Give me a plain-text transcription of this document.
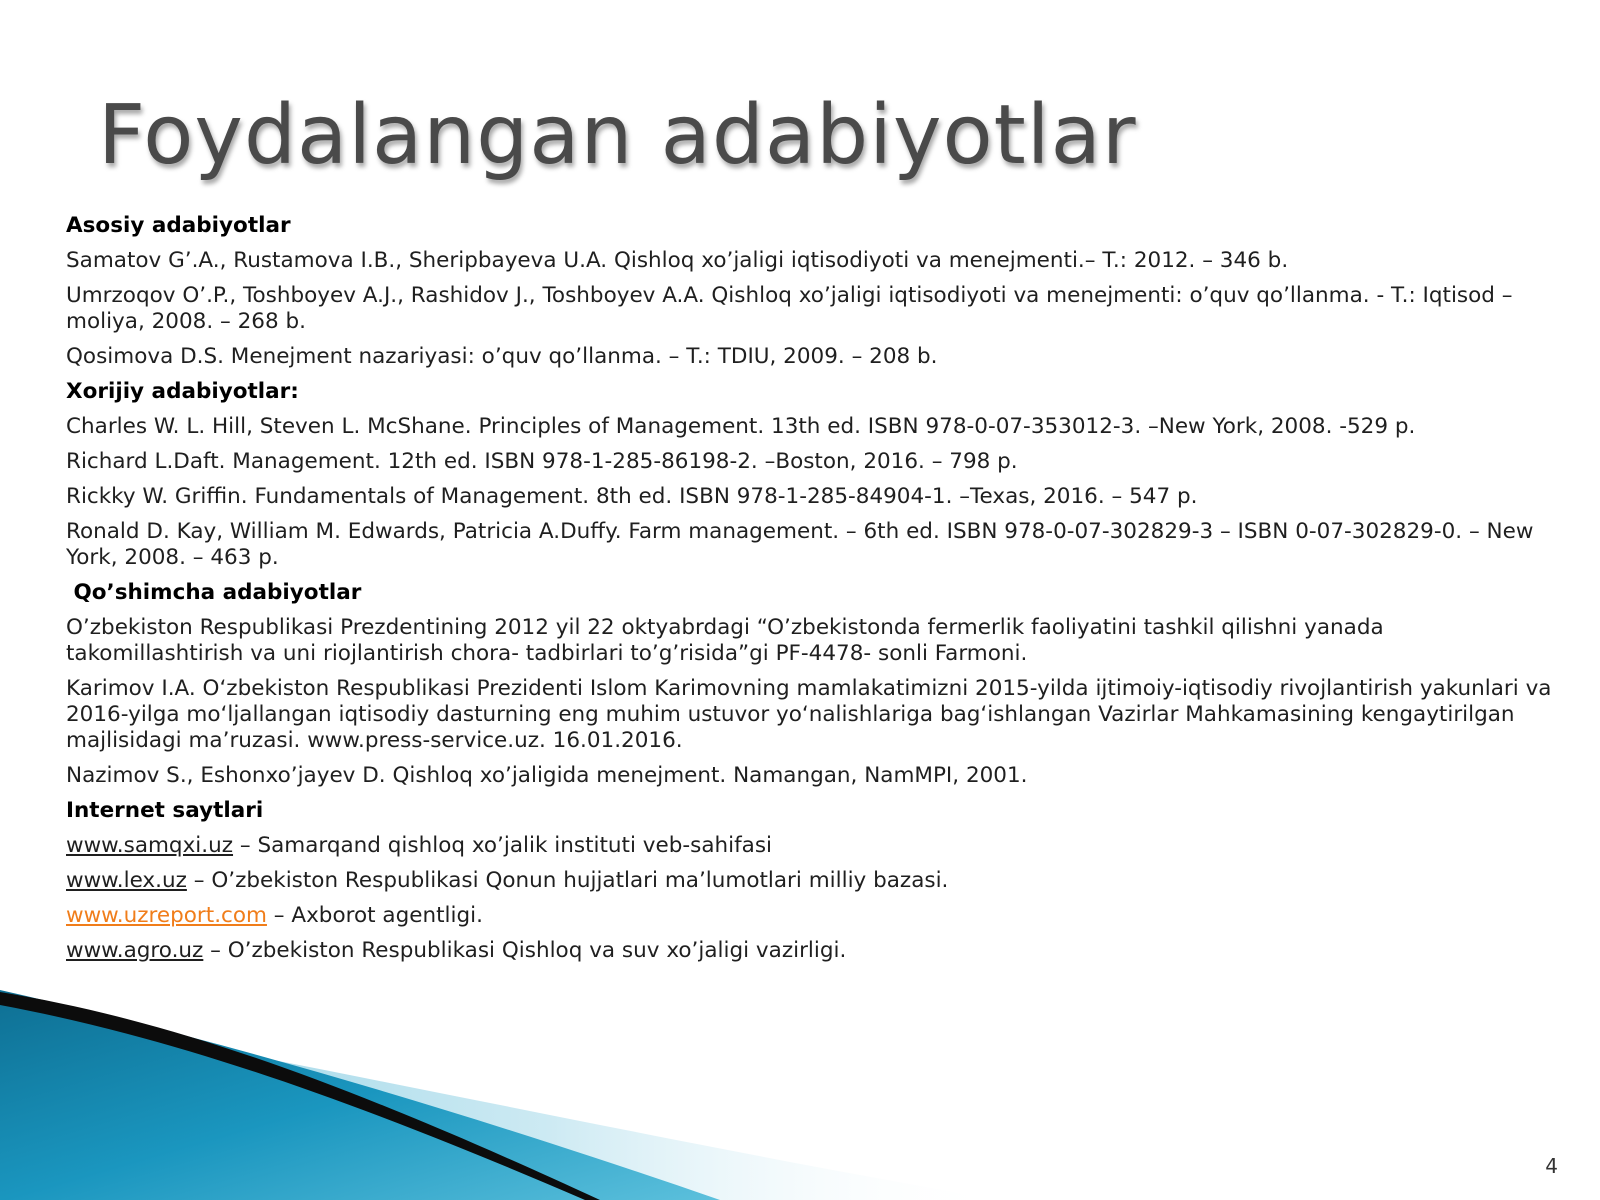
Foydalangan adabiyotlar
Asosiy adabiyotlar
Samatov G’.A., Rustamova I.B., Sheripbayeva U.A. Qishloq xo’jaligi iqtisodiyoti va menejmenti.– T.: 2012. – 346 b.
Umrzoqov O’.P., Toshboyev A.J., Rashidov J., Toshboyev A.A. Qishloq xo’jaligi iqtisodiyoti va menejmenti: o’quv qo’llanma. - T.: Iqtisod – moliya, 2008. – 268 b.
Qosimova D.S. Menejment nazariyasi: o’quv qo’llanma. – T.: TDIU, 2009. – 208 b.
Xorijiy adabiyotlar:
Charles W. L. Hill, Steven L. McShane. Principles of Management. 13th ed. ISBN 978-0-07-353012-3. –New York, 2008. -529 p.
Richard L.Daft. Management. 12th ed. ISBN 978-1-285-86198-2. –Boston, 2016. – 798 p.
Rickky W. Griffin. Fundamentals of Management. 8th ed. ISBN 978-1-285-84904-1. –Texas, 2016. – 547 p.
Ronald D. Kay, William M. Edwards, Patricia A.Duffy. Farm management. – 6th ed. ISBN 978-0-07-302829-3 – ISBN 0-07-302829-0. – New York, 2008. – 463 p.
Qo’shimcha adabiyotlar
O’zbekiston Respublikasi Prezdentining 2012 yil 22 oktyabrdagi “O’zbekistonda fermerlik faoliyatini tashkil qilishni yanada takomillashtirish va uni riojlantirish chora- tadbirlari to’g’risida”gi PF-4478- sonli Farmoni.
Karimov I.A. O‘zbekiston Respublikasi Prezidenti Islom Karimovning mamlakatimizni 2015-yilda ijtimoiy-iqtisodiy rivojlantirish yakunlari va 2016-yilga mo‘ljallangan iqtisodiy dasturning eng muhim ustuvor yo‘nalishlariga bag‘ishlangan Vazirlar Mahkamasining kengaytirilgan majlisidagi ma’ruzasi. www.press-service.uz. 16.01.2016.
Nazimov S., Eshonxo’jayev D. Qishloq xo’jaligida menejment. Namangan, NamMPI, 2001.
Internet saytlari
www.samqxi.uz – Samarqand qishloq xo’jalik instituti veb-sahifasi
www.lex.uz – O’zbekiston Respublikasi Qonun hujjatlari ma’lumotlari milliy bazasi.
www.uzreport.com – Axborot agentligi.
www.agro.uz – O’zbekiston Respublikasi Qishloq va suv xo’jaligi vazirligi.
4
